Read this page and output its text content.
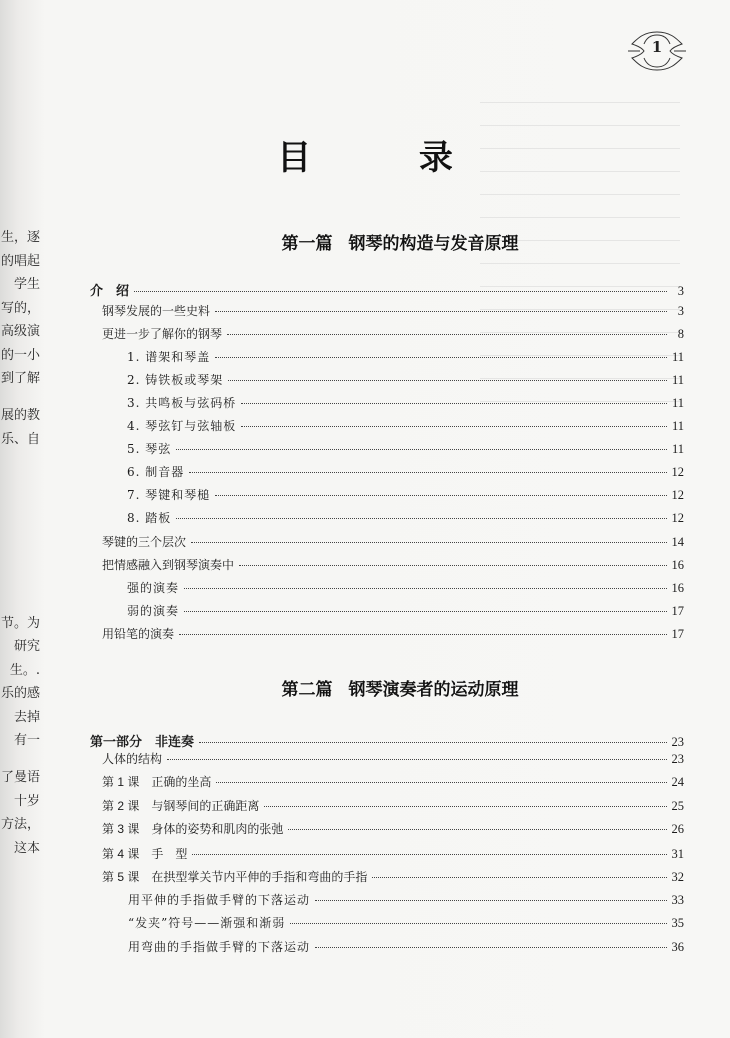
生，逐
的唱起
学生
写的，
高级演
的一小
到了解
展的教
乐、自
节。为
研究
生。.
乐的感
去掉
有一
了曼语
十岁
方法，
这本
1
目 录
第一篇 钢琴的构造与发音原理
介　绍	3
钢琴发展的一些史料	3
更进一步了解你的钢琴	8
1. 谱架和琴盖	11
2. 铸铁板或琴架	11
3. 共鸣板与弦码桥	11
4. 琴弦钉与弦轴板	11
5. 琴弦	11
6. 制音器	12
7. 琴键和琴槌	12
8. 踏板	12
琴键的三个层次	14
把情感融入到钢琴演奏中	16
强的演奏	16
弱的演奏	17
用铅笔的演奏	17
第二篇 钢琴演奏者的运动原理
第一部分　非连奏	23
人体的结构	23
第 1 课　正确的坐高	24
第 2 课　与钢琴间的正确距离	25
第 3 课　身体的姿势和肌肉的张弛	26
第 4 课　手　型	31
第 5 课　在拱型掌关节内平伸的手指和弯曲的手指	32
用平伸的手指做手臂的下落运动	33
“发夹”符号——渐强和渐弱	35
用弯曲的手指做手臂的下落运动	36
